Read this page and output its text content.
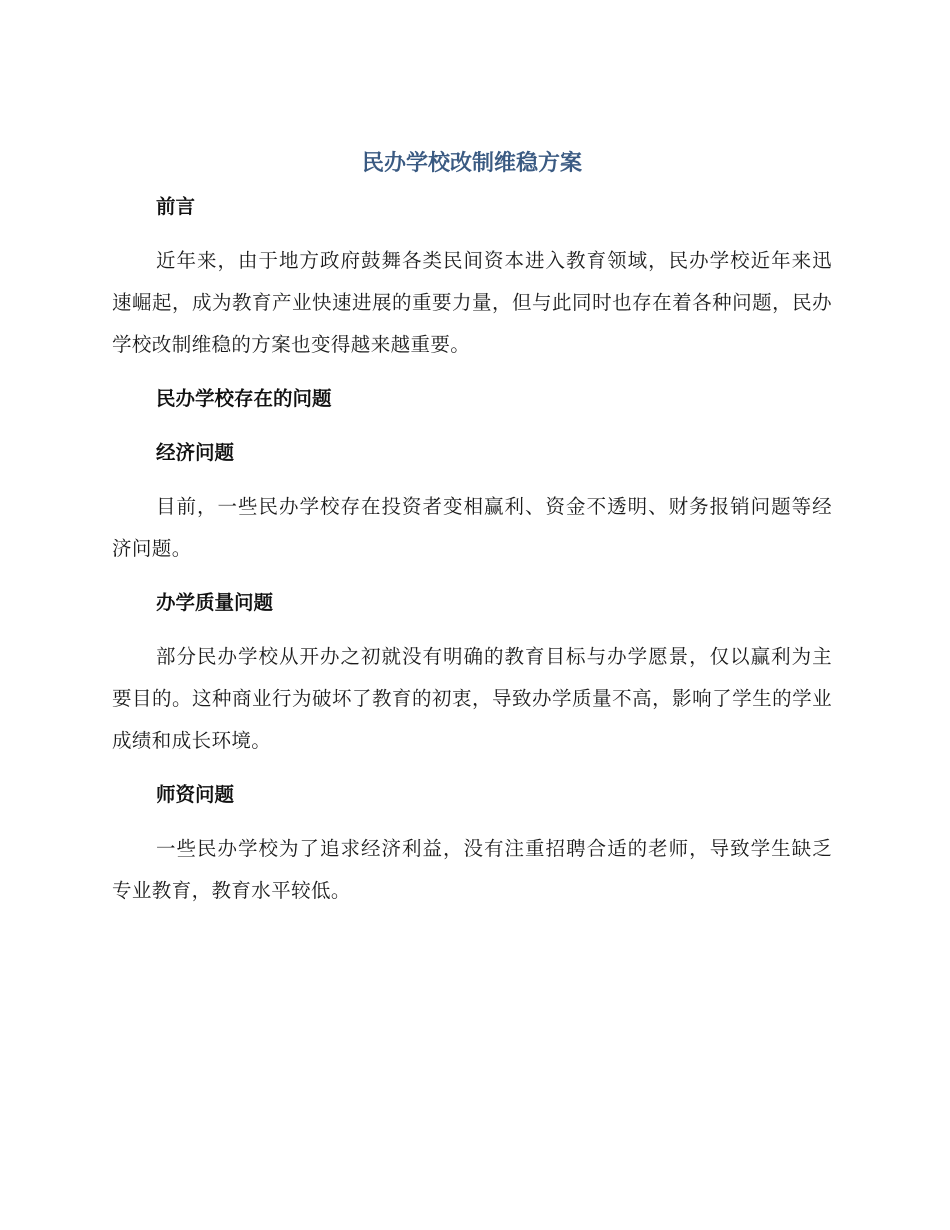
民办学校改制维稳方案
前言

近年来，由于地方政府鼓舞各类民间资本进入教育领域，民办学校近年来迅速崛起，成为教育产业快速进展的重要力量，但与此同时也存在着各种问题，民办学校改制维稳的方案也变得越来越重要。

民办学校存在的问题
经济问题

目前，一些民办学校存在投资者变相赢利、资金不透明、财务报销问题等经济问题。

办学质量问题

部分民办学校从开办之初就没有明确的教育目标与办学愿景，仅以赢利为主要目的。这种商业行为破坏了教育的初衷，导致办学质量不高，影响了学生的学业成绩和成长环境。

师资问题

一些民办学校为了追求经济利益，没有注重招聘合适的老师，导致学生缺乏专业教育，教育水平较低。
